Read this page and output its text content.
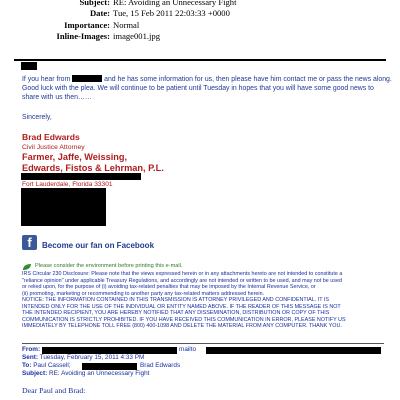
Subject: RE: Avoiding an Unnecessary Fight
Date: Tue, 15 Feb 2011 22:03:33 +0000
Importance: Normal
Inline-Images: image001.jpg
If you hear from	and he has some information for us, then please have him contact me or pass the news along.
Good luck with the plea. We will continue to be patient until Tuesday in hopes that you will have some good news to
share with us then……
Sincerely,
Brad Edwards
Civil Justice Attorney
Farmer, Jaffe, Weissing,
Edwards, Fistos & Lehrman, P.L.
Fort Lauderdale, Florida 33301
f	Become our fan on Facebook
Please consider the environment before printing this e-mail.
IRS Circular 230 Disclosure: Please note that the views expressed herein or in any attachments hereto are not intended to constitute a
"reliance opinion" under applicable Treasury Regulations, and accordingly are not intended or written to be used, and may not be used
or relied upon, for the purpose of (i) avoiding tax-related penalties that may be imposed by the Internal Revenue Service, or
(ii) promoting, marketing or recommending to another party any tax-related matters addressed herein.
NOTICE: THE INFORMATION CONTAINED IN THIS TRANSMISSION IS ATTORNEY PRIVILEGED AND CONFIDENTIAL. IT IS
INTENDED ONLY FOR THE USE OF THE INDIVIDUAL OR ENTITY NAMED ABOVE. IF THE READER OF THIS MESSAGE IS NOT
THE INTENDED RECIPIENT, YOU ARE HEREBY NOTIFIED THAT ANY DISSEMINATION, DISTRIBUTION OR COPY OF THIS
COMMUNICATION IS STRICTLY PROHIBITED. IF YOU HAVE RECEIVED THIS COMMUNICATION IN ERROR, PLEASE NOTIFY US
IMMEDIATELY BY TELEPHONE TOLL FREE (800) 400-1098 AND DELETE THE MATERIAL FROM ANY COMPUTER. THANK YOU.
From:	mailto
Sent: Tuesday, February 15, 2011 4:33 PM
To: Paul Cassell;	Brad Edwards
Subject: RE: Avoiding an Unnecessary Fight
Dear Paul and Brad:
